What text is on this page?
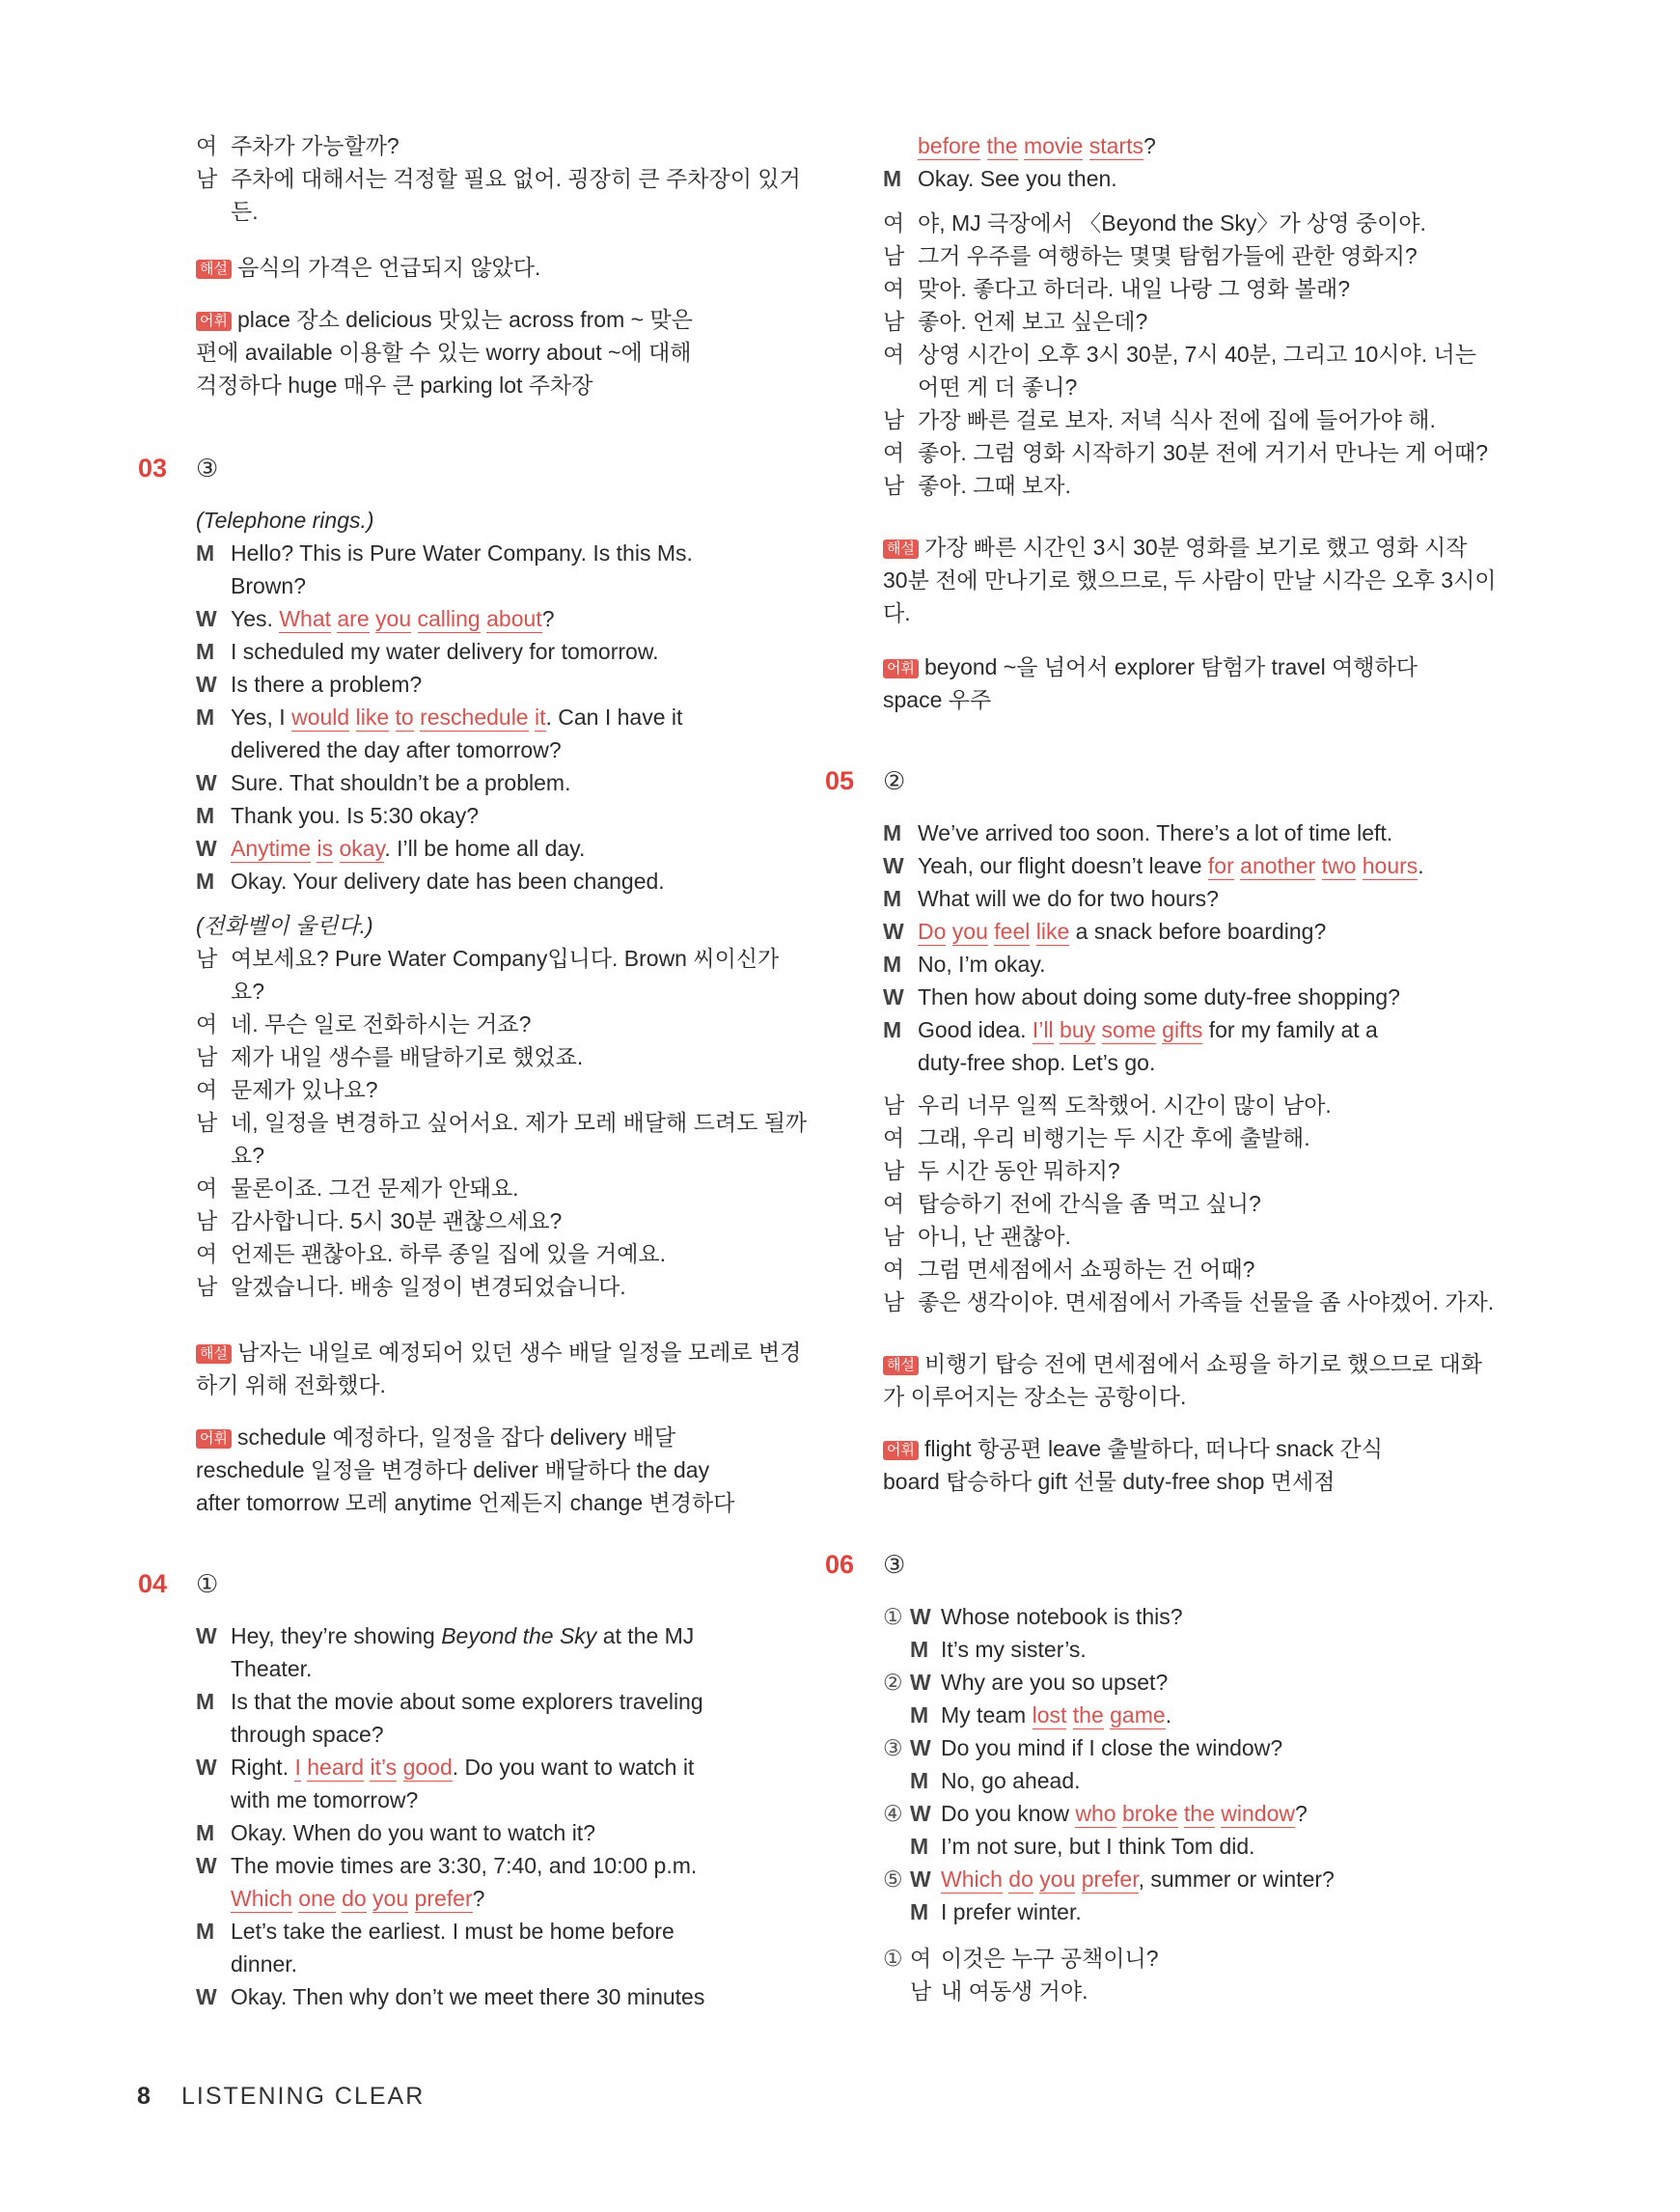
여 주차가 가능할까?
남 주차에 대해서는 걱정할 필요 없어. 굉장히 큰 주차장이 있거
든.
해설 음식의 가격은 언급되지 않았다.
어휘 place 장소 delicious 맛있는 across from ~ 맞은
편에 available 이용할 수 있는 worry about ~에 대해
걱정하다 huge 매우 큰 parking lot 주차장
03 ③
(Telephone rings.)
M Hello? This is Pure Water Company. Is this Ms.
Brown?
W Yes. What are you calling about?
M I scheduled my water delivery for tomorrow.
W Is there a problem?
M Yes, I would like to reschedule it. Can I have it
delivered the day after tomorrow?
W Sure. That shouldn’t be a problem.
M Thank you. Is 5:30 okay?
W Anytime is okay. I’ll be home all day.
M Okay. Your delivery date has been changed.
(전화벨이 울린다.)
남 여보세요? Pure Water Company입니다. Brown 씨이신가
요?
여 네. 무슨 일로 전화하시는 거죠?
남 제가 내일 생수를 배달하기로 했었죠.
여 문제가 있나요?
남 네, 일정을 변경하고 싶어서요. 제가 모레 배달해 드려도 될까
요?
여 물론이죠. 그건 문제가 안돼요.
남 감사합니다. 5시 30분 괜찮으세요?
여 언제든 괜찮아요. 하루 종일 집에 있을 거예요.
남 알겠습니다. 배송 일정이 변경되었습니다.
해설 남자는 내일로 예정되어 있던 생수 배달 일정을 모레로 변경
하기 위해 전화했다.
어휘 schedule 예정하다, 일정을 잡다 delivery 배달
reschedule 일정을 변경하다 deliver 배달하다 the day
after tomorrow 모레 anytime 언제든지 change 변경하다
04 ①
W Hey, they’re showing Beyond the Sky at the MJ
Theater.
M Is that the movie about some explorers traveling
through space?
W Right. I heard it’s good. Do you want to watch it
with me tomorrow?
M Okay. When do you want to watch it?
W The movie times are 3:30, 7:40, and 10:00 p.m.
Which one do you prefer?
M Let’s take the earliest. I must be home before
dinner.
W Okay. Then why don’t we meet there 30 minutes
before the movie starts?
M Okay. See you then.
여 야, MJ 극장에서 〈Beyond the Sky〉가 상영 중이야.
남 그거 우주를 여행하는 몇몇 탐험가들에 관한 영화지?
여 맞아. 좋다고 하더라. 내일 나랑 그 영화 볼래?
남 좋아. 언제 보고 싶은데?
여 상영 시간이 오후 3시 30분, 7시 40분, 그리고 10시야. 너는
어떤 게 더 좋니?
남 가장 빠른 걸로 보자. 저녁 식사 전에 집에 들어가야 해.
여 좋아. 그럼 영화 시작하기 30분 전에 거기서 만나는 게 어때?
남 좋아. 그때 보자.
해설 가장 빠른 시간인 3시 30분 영화를 보기로 했고 영화 시작
30분 전에 만나기로 했으므로, 두 사람이 만날 시각은 오후 3시이
다.
어휘 beyond ~을 넘어서 explorer 탐험가 travel 여행하다
space 우주
05 ②
M We’ve arrived too soon. There’s a lot of time left.
W Yeah, our flight doesn’t leave for another two hours.
M What will we do for two hours?
W Do you feel like a snack before boarding?
M No, I’m okay.
W Then how about doing some duty-free shopping?
M Good idea. I’ll buy some gifts for my family at a
duty-free shop. Let’s go.
남 우리 너무 일찍 도착했어. 시간이 많이 남아.
여 그래, 우리 비행기는 두 시간 후에 출발해.
남 두 시간 동안 뭐하지?
여 탑승하기 전에 간식을 좀 먹고 싶니?
남 아니, 난 괜찮아.
여 그럼 면세점에서 쇼핑하는 건 어때?
남 좋은 생각이야. 면세점에서 가족들 선물을 좀 사야겠어. 가자.
해설 비행기 탑승 전에 면세점에서 쇼핑을 하기로 했으므로 대화
가 이루어지는 장소는 공항이다.
어휘 flight 항공편 leave 출발하다, 떠나다 snack 간식
board 탑승하다 gift 선물 duty-free shop 면세점
06 ③
① W Whose notebook is this?
M It’s my sister’s.
② W Why are you so upset?
M My team lost the game.
③ W Do you mind if I close the window?
M No, go ahead.
④ W Do you know who broke the window?
M I’m not sure, but I think Tom did.
⑤ W Which do you prefer, summer or winter?
M I prefer winter.
① 여 이것은 누구 공책이니?
남 내 여동생 거야.
8 LISTENING CLEAR
